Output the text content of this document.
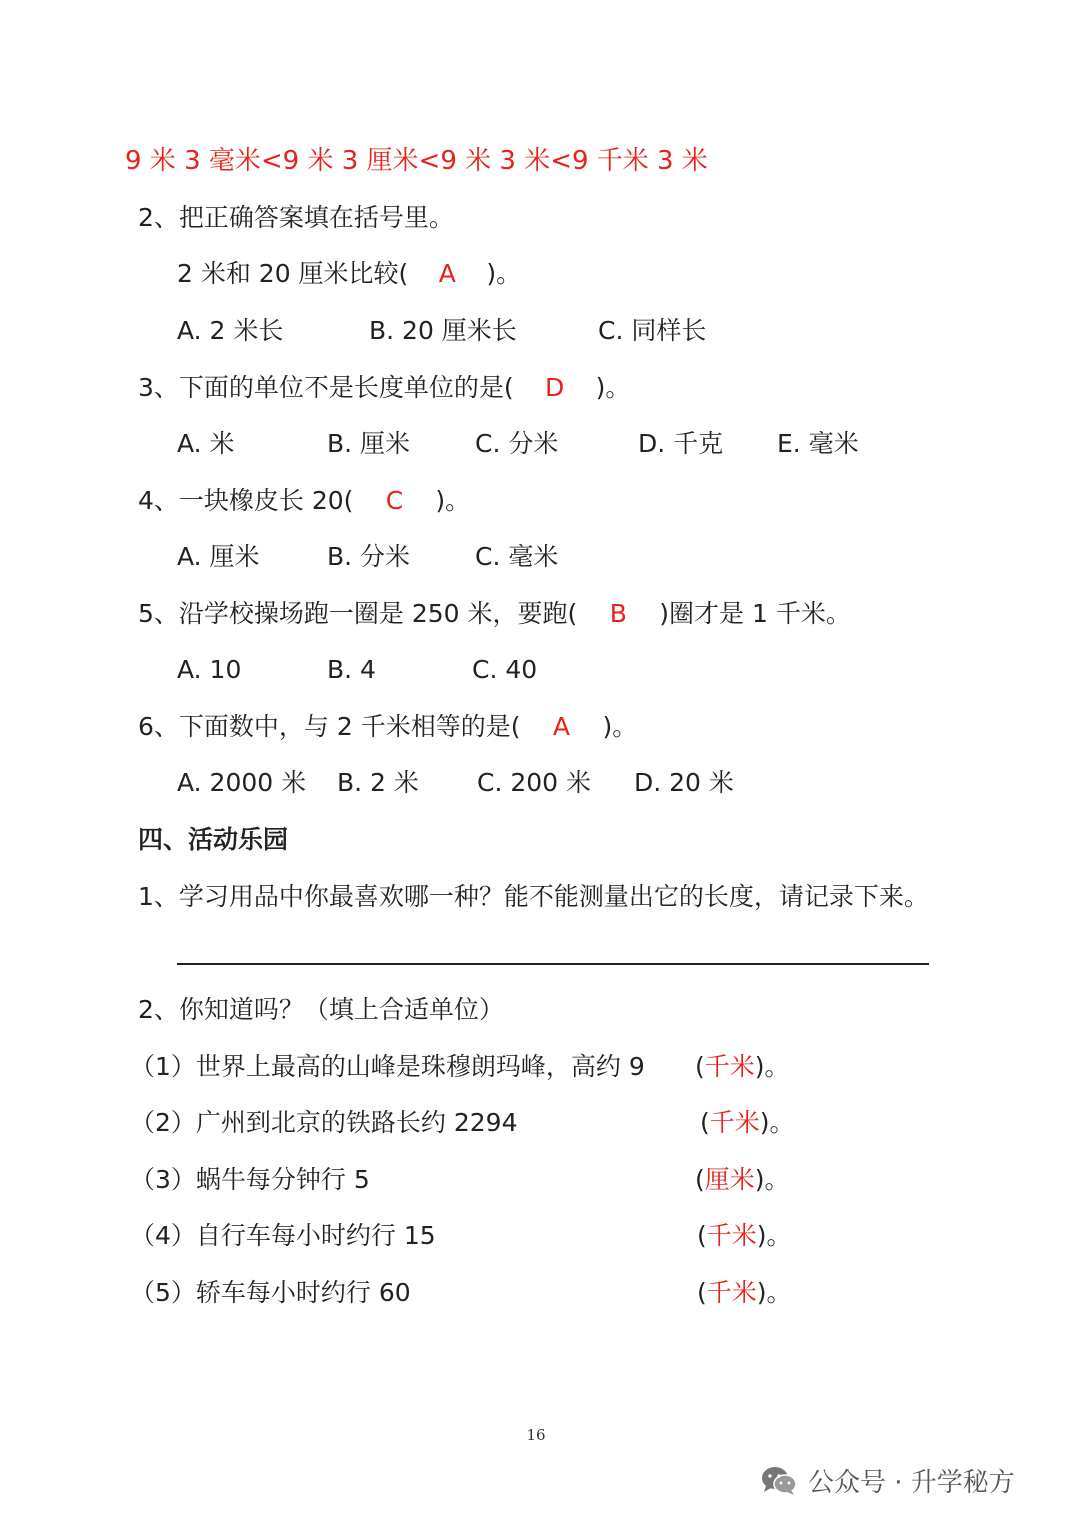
9 米 3 毫米<9 米 3 厘米<9 米 3 米<9 千米 3 米
2、把正确答案填在括号里。
2 米和 20 厘米比较( A )。
A. 2 米长	B. 20 厘米长	C. 同样长
3、下面的单位不是长度单位的是( D )。
A. 米	B. 厘米	C. 分米	D. 千克 E. 毫米
4、一块橡皮长 20( C )。
A. 厘米	B. 分米	C. 毫米
5、沿学校操场跑一圈是 250 米，要跑( B )圈才是 1 千米。
A. 10	B. 4	C. 40
6、下面数中，与 2 千米相等的是( A )。
A. 2000 米 B. 2 米 C. 200 米 D. 20 米
四、活动乐园
1、学习用品中你最喜欢哪一种？能不能测量出它的长度，请记录下来。
2、你知道吗？（填上合适单位）
（1）世界上最高的山峰是珠穆朗玛峰，高约 9 (千米)。
（2）广州到北京的铁路长约 2294	(千米)。
（3）蜗牛每分钟行 5	(厘米)。
（4）自行车每小时约行 15	(千米)。
（5）轿车每小时约行 60	(千米)。
16
公众号 · 升学秘方
